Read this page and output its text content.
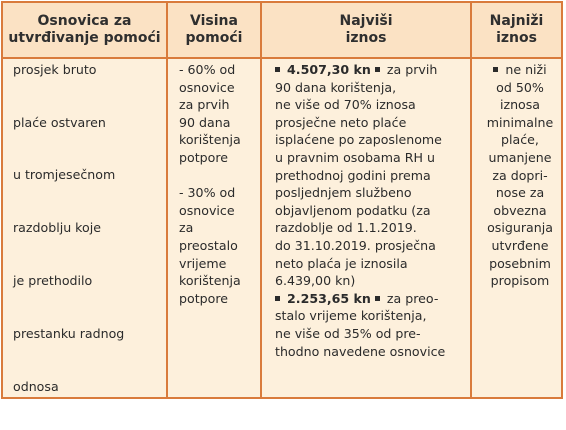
Osnovica za
utvrđivanje pomoći
Visina
pomoći
Najviši
iznos
Najniži
iznos

prosjek bruto

plaće ostvaren

u tromjesečnom

razdoblju koje

je prethodilo

prestanku radnog

odnosa

- 60% od
osnovice
za prvih
90 dana
korištenja
potpore
- 30% od
osnovice
za
preostalo
vrijeme
korištenja
potpore
4.507,30 kn  za prvih
90 dana korištenja,
ne više od 70% iznosa
prosječne neto plaće
isplaćene po zaposlenome
u pravnim osobama RH u
prethodnoj godini prema
posljednjem službeno
objavljenom podatku (za
razdoblje od 1.1.2019.
do 31.10.2019. prosječna
neto plaća je iznosila
6.439,00 kn)
2.253,65 kn  za preo-
stalo vrijeme korištenja,
ne više od 35% od pre-
thodno navedene osnovice
ne niži
od 50%
iznosa
minimalne
plaće,
umanjene
za dopri-
nose za
obvezna
osiguranja
utvrđene
posebnim
propisom
